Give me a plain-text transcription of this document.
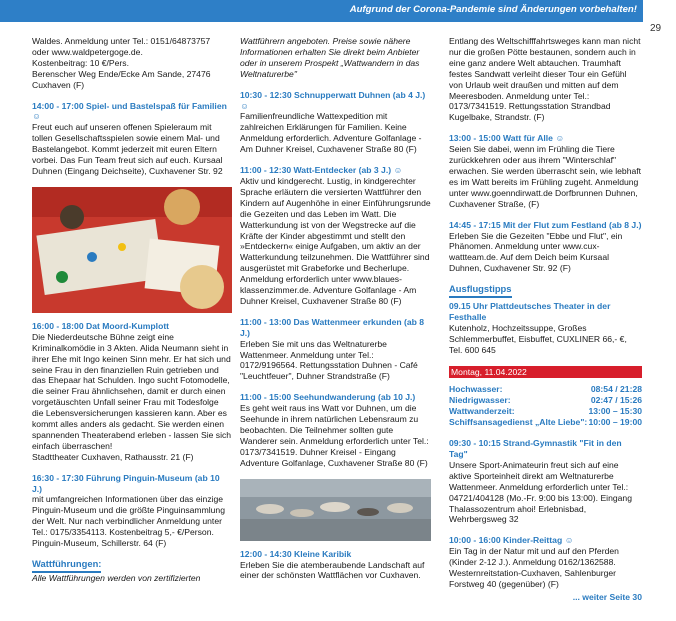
Aufgrund der Corona-Pandemie sind Änderungen vorbehalten!
29

Waldes. Anmeldung unter Tel.: 0151/64873757
oder www.waldpetergoge.de.
Kostenbeitrag: 10 €/Pers.
Berenscher Weg Ende/Ecke Am Sande, 27476
Cuxhaven (F)

14:00 - 17:00 Spiel- und Bastelspaß für Familien ☺
Freut euch auf unseren offenen Spieleraum mit tollen Gesellschaftsspielen sowie einem Mal- und Bastelangebot. Kommt jederzeit mit euren Eltern vorbei. Das Fun Team freut sich auf euch. Kursaal Duhnen (Eingang Deichseite), Cuxhavener Str. 92

16:00 - 18:00 Dat Moord-Kumplott
Die Niederdeutsche Bühne zeigt eine Kriminalkomödie in 3 Akten. Alida Neumann sieht in ihrer Ehe mit Ingo keinen Sinn mehr. Er hat sich und seine Frau in den finanziellen Ruin getrieben und das Ehepaar hat Schulden. Ingo sucht Fotomodelle, die seiner Frau ähnlichsehen, damit er durch einen vorgetäuschten Unfall seiner Frau mit Todesfolge die Lebensversicherungen kassieren kann. Aber es kommt alles anders als gedacht. Sie werden einen spannenden Theaterabend erleben - lassen Sie sich einfach überraschen!
Stadttheater Cuxhaven, Rathausstr. 21 (F)

16:30 - 17:30 Führung Pinguin-Museum (ab 10 J.)
mit umfangreichen Informationen über das einzige Pinguin-Museum und die größte Pinguinsammlung der Welt. Nur nach verbindlicher Anmeldung unter Tel.: 0175/3354113. Kostenbeitrag 5,- €/Person. Pinguin-Museum, Schillerstr. 64 (F)

Wattführungen:
Alle Wattführungen werden von zertifizierten

Wattführern angeboten. Preise sowie nähere Informationen erhalten Sie direkt beim Anbieter oder in unserem Prospekt „Wattwandern in das Weltnaturerbe"

10:30 - 12:30 Schnupperwatt Duhnen (ab 4 J.) ☺
Familienfreundliche Wattexpedition mit zahlreichen Erklärungen für Familien. Keine Anmeldung erforderlich. Adventure Golfanlage - Am Duhner Kreisel, Cuxhavener Straße 80 (F)

11:00 - 12:30 Watt-Entdecker (ab 3 J.) ☺
Aktiv und kindgerecht. Lustig, in kindgerechter Sprache erläutern die versierten Wattführer den Kindern auf Augenhöhe in einer Einführungsrunde die Gezeiten und das Leben im Watt. Die Watterkundung ist von der Wegstrecke auf die Kräfte der Kinder abgestimmt und stellt den »Entdeckern« einige Aufgaben, um aktiv an der Watterkundung teilzunehmen. Die Wattführer sind ausgerüstet mit Grabeforke und Becherlupe. Anmeldung erforderlich unter www.blaues-klassenzimmer.de. Adventure Golfanlage - Am Duhner Kreisel, Cuxhavener Straße 80 (F)

11:00 - 13:00 Das Wattenmeer erkunden (ab 8 J.)
Erleben Sie mit uns das Weltnaturerbe Wattenmeer. Anmeldung unter Tel.: 0172/9196564. Rettungsstation Duhnen - Café "Leuchtfeuer", Duhner Strandstraße (F)

11:00 - 15:00 Seehundwanderung (ab 10 J.)
Es geht weit raus ins Watt vor Duhnen, um die Seehunde in ihrem natürlichen Lebensraum zu beobachten. Die Teilnehmer sollten gute Wanderer sein. Anmeldung erforderlich unter Tel.: 0173/7341519. Duhner Kreisel - Eingang Adventure Golfanlage, Cuxhavener Straße 80 (F)

12:00 - 14:30 Kleine Karibik
Erleben Sie die atemberaubende Landschaft auf einer der schönsten Wattflächen vor Cuxhaven.

Entlang des Weltschifffahrtsweges kann man nicht nur die großen Pötte bestaunen, sondern auch in eine ganz andere Welt abtauchen. Traumhaft festes Sandwatt verleiht dieser Tour ein Gefühl von Urlaub weit draußen und mitten auf dem Meeresboden. Anmeldung unter Tel.: 0173/7341519. Rettungsstation Strandbad Kugelbake, Strandstr. (F)

13:00 - 15:00 Watt für Alle ☺
Seien Sie dabei, wenn im Frühling die Tiere zurückkehren oder aus ihrem "Winterschlaf" erwachen. Sie werden überrascht sein, wie lebhaft es im Watt bereits im Frühling zugeht. Anmeldung unter www.goenndirwatt.de Dorfbrunnen Duhnen, Cuxhavener Straße, (F)

14:45 - 17:15 Mit der Flut zum Festland (ab 8 J.)
Erleben Sie die Gezeiten "Ebbe und Flut", ein Phänomen. Anmeldung unter www.cux-wattteam.de. Auf dem Deich beim Kursaal Duhnen, Cuxhavener Str. 92 (F)

Ausflugstipps

09.15 Uhr Plattdeutsches Theater in der Festhalle
Kutenholz, Hochzeitssuppe, Großes Schlemmerbuffet, Eisbuffet, CUXLINER 66,- €, Tel. 600 645

Montag, 11.04.2022
Hochwasser:	08:54 / 21:28
Niedrigwasser:	02:47 / 15:26
Wattwanderzeit:	13:00 – 15:30
Schiffsansagedienst „Alte Liebe":	10:00 – 19:00

09:30 - 10:15 Strand-Gymnastik "Fit in den Tag"
Unsere Sport-Animateurin freut sich auf eine aktive Sporteinheit direkt am Weltnaturerbe Wattenmeer. Anmeldung erforderlich unter Tel.: 04721/404128 (Mo.-Fr. 9:00 bis 13:00). Eingang Thalassozentrum ahoi! Erlebnisbad, Wehrbergsweg 32

10:00 - 16:00 Kinder-Reittag ☺
Ein Tag in der Natur mit und auf den Pferden (Kinder 2-12 J.). Anmeldung 0162/1362588. Westernreitstation-Cuxhaven, Sahlenburger Forstweg 40 (gegenüber) (F)

... weiter Seite 30
